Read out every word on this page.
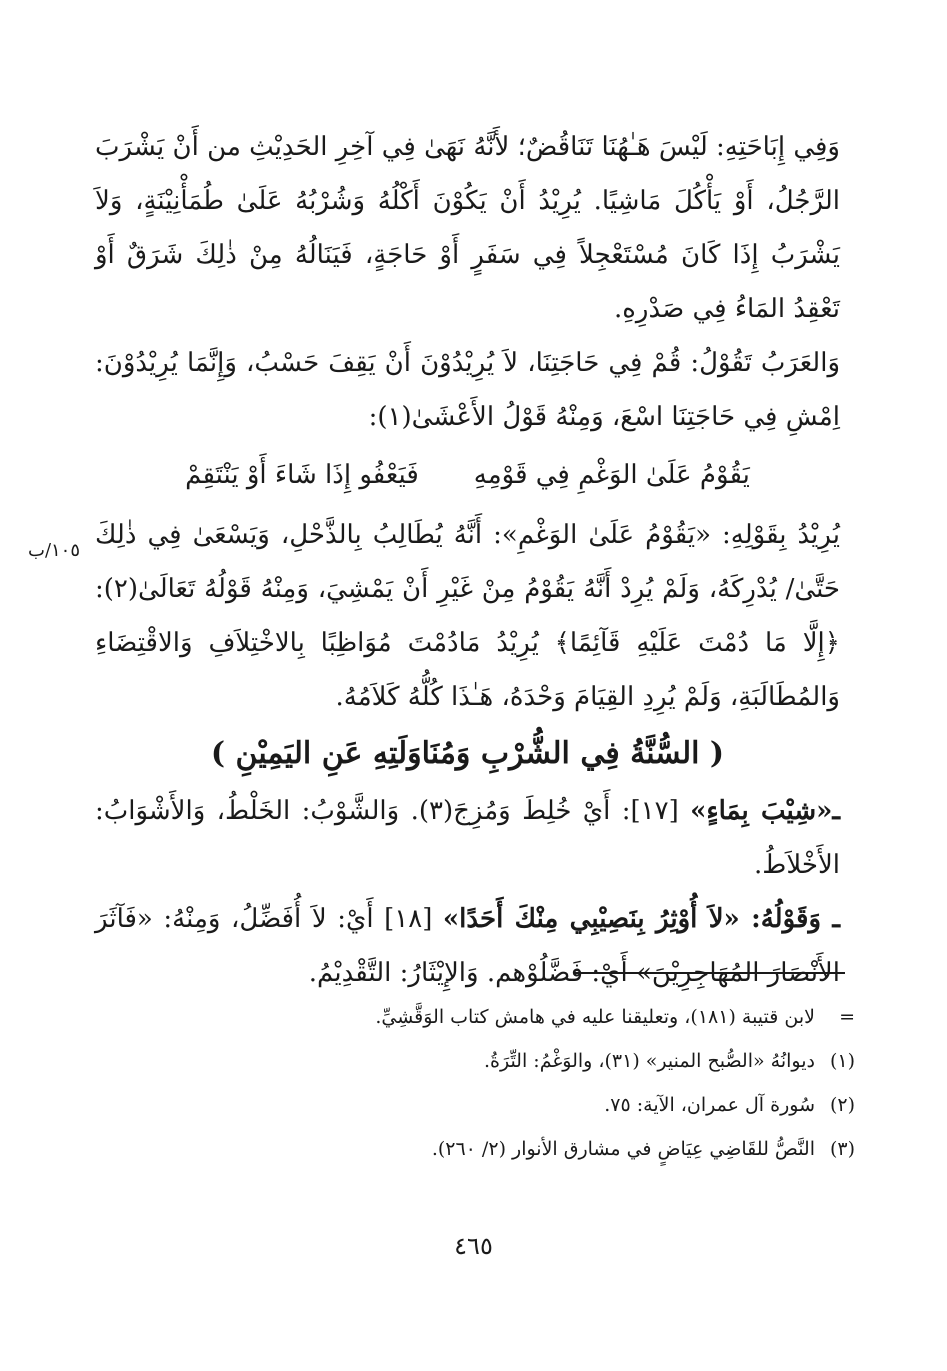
وَفِي إِبَاحَتِهِ: لَيْسَ هَـٰهُنَا تَنَاقُضٌ؛ لأَنَّهُ نَهَىٰ فِي آخِرِ الحَدِيْثِ من أَنْ يَشْرَبَ الرَّجُلُ، أَوْ يَأْكُلَ مَاشِيًا. يُرِيْدُ أَنْ يَكُوْنَ أَكْلُهُ وَشُرْبُهُ عَلَىٰ طُمَأْنِيْنَةٍ، وَلاَ يَشْرَبُ إِذَا كَانَ مُسْتَعْجِلاً فِي سَفَرٍ أَوْ حَاجَةٍ، فَيَنَالُهُ مِنْ ذٰلِكَ شَرَقٌ أَوْ تَعْقِدُ المَاءُ فِي صَدْرِهِ.

وَالعَرَبُ تَقُوْلُ: قُمْ فِي حَاجَتِنَا، لاَ يُرِيْدُوْنَ أَنْ يَقِفَ حَسْبُ، وَإِنَّمَا يُرِيْدُوْنَ: اِمْشِ فِي حَاجَتِنَا اسْعَ، وَمِنْهُ قَوْلُ الأَعْشَىٰ(١):

يَقُوْمُ عَلَىٰ الوَغْمِ فِي قَوْمِهِ
فَيَعْفُو إِذَا شَاءَ أَوْ يَنْتَقِمْ

يُرِيْدُ بِقَوْلِهِ: «يَقُوْمُ عَلَىٰ الوَغْمِ»: أَنَّهُ يُطَالِبُ بِالذَّحْلِ، وَيَسْعَىٰ فِي ذٰلِكَ حَتَّىٰ/ يُدْرِكَهُ، وَلَمْ يُرِدْ أَنَّهُ يَقُوْمُ مِنْ غَيْرِ أَنْ يَمْشِيَ، وَمِنْهُ قَوْلُهُ تَعَالَىٰ(٢): ﴿إِلَّا مَا دُمْتَ عَلَيْهِ قَآئِمًا﴾ يُرِيْدُ مَادُمْتَ مُوَاظِبًا بِالاخْتِلاَفِ وَالاقْتِضَاءِ وَالمُطَالَبَةِ، وَلَمْ يُرِدِ القِيَامَ وَحْدَهُ، هَـٰذَا كُلُّهُ كَلاَمُهُ.

( السُّنَّةُ فِي الشُّرْبِ وَمُنَاوَلَتِهِ عَنِ اليَمِيْنِ )

ـ«شِيْبَ بِمَاءٍ» [١٧]: أَيْ خُلِطَ وَمُزِجَ(٣). وَالشَّوْبُ: الخَلْطُ، وَالأَشْوَابُ: الأَخْلاَطُ.

ـ وَقَوْلُهُ: «لاَ أُوْثِرُ بِنَصِيْبِي مِنْكَ أَحَدًا» [١٨] أَيْ: لاَ أُفَضِّلُ، وَمِنْهُ: «فَآثَرَ الأَنْصَارَ المُهَاجِرِيْنَ» أَيْ: فَضَّلُوْهم. وَالإِيْثَارُ: التَّقْدِيْمُ.

١٠٥/ب
=
لابن قتيبة (١٨١)، وتعليقنا عليه في هامش كتاب الوَقَّشِيِّ.
(١)
ديوانُهُ «الصُّبح المنير» (٣١)، والوَغْمُ: التِّرَةُ.
(٢)
سُورة آل عمران، الآية: ٧٥.
(٣)
النَّصُّ للقَاضِي عِيَاضٍ في مشارق الأنوار (٢/ ٢٦٠).
٤٦٥
